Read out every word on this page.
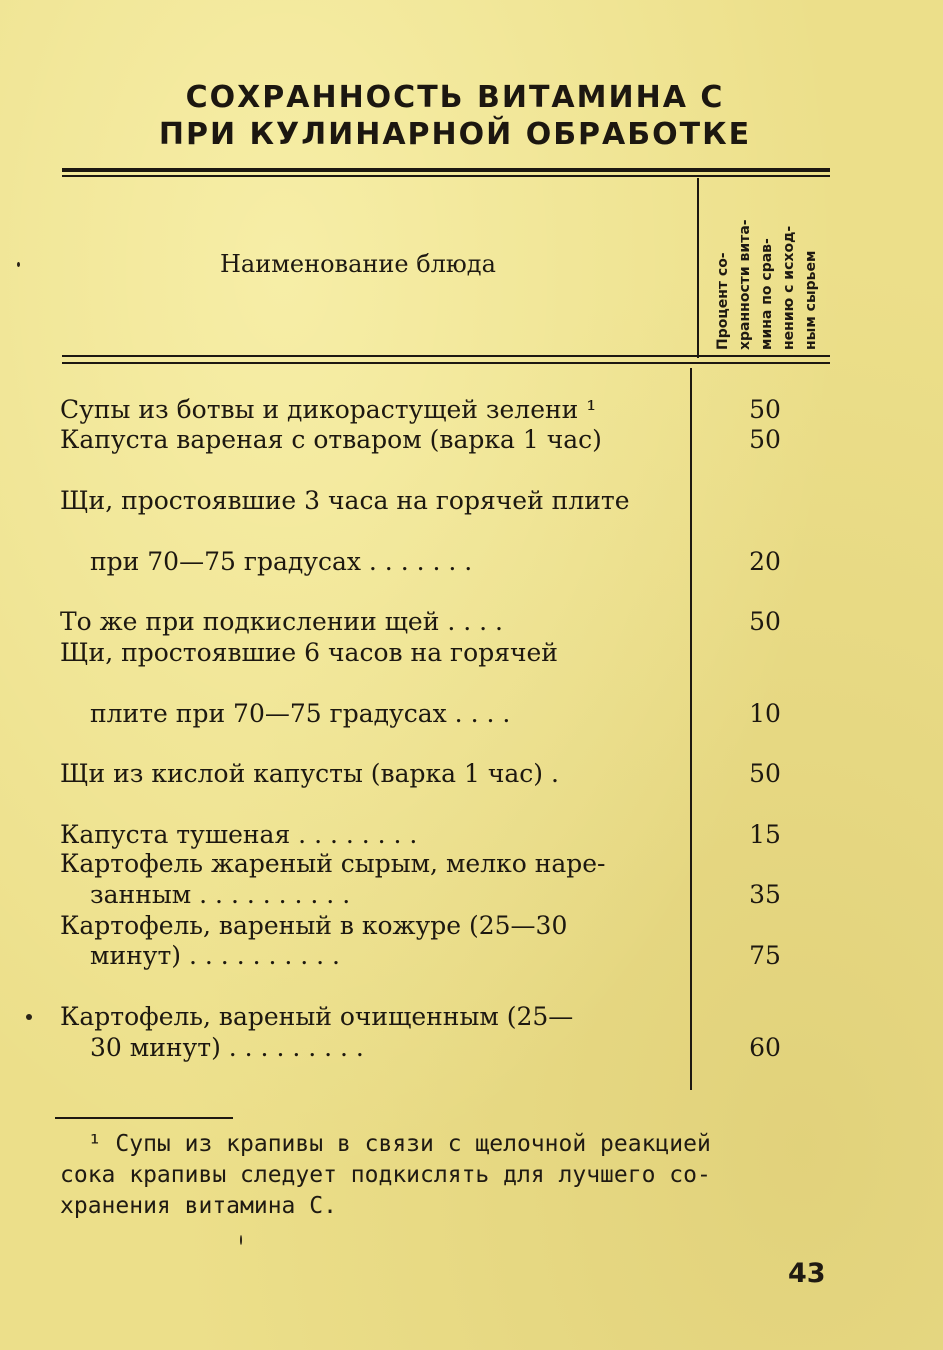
СОХРАННОСТЬ ВИТАМИНА С
ПРИ КУЛИНАРНОЙ ОБРАБОТКЕ
Наименование блюда	Процент со- хранности вита- мина по срав- нению с исход- ным сырьем
Супы из ботвы и дикорастущей зелени ¹	50
Капуста вареная с отваром (варка 1 час)	50
Щи, простоявшие 3 часа на горячей плите
при 70—75 градусах . . . . . . .	20
То же при подкислении щей . . . .	50
Щи, простоявшие 6 часов на горячей
плите при 70—75 градусах . . . .	10
Щи из кислой капусты (варка 1 час) .	50
Капуста тушеная . . . . . . . .	15
Картофель жареный сырым, мелко наре-
занным . . . . . . . . . .	35
Картофель, вареный в кожуре (25—30
минут) . . . . . . . . . .	75
Картофель, вареный очищенным (25—
30 минут) . . . . . . . . .	60
¹ Супы из крапивы в связи с щелочной реакцией
сока крапивы следует подкислять для лучшего со-
хранения витамина С.
43
